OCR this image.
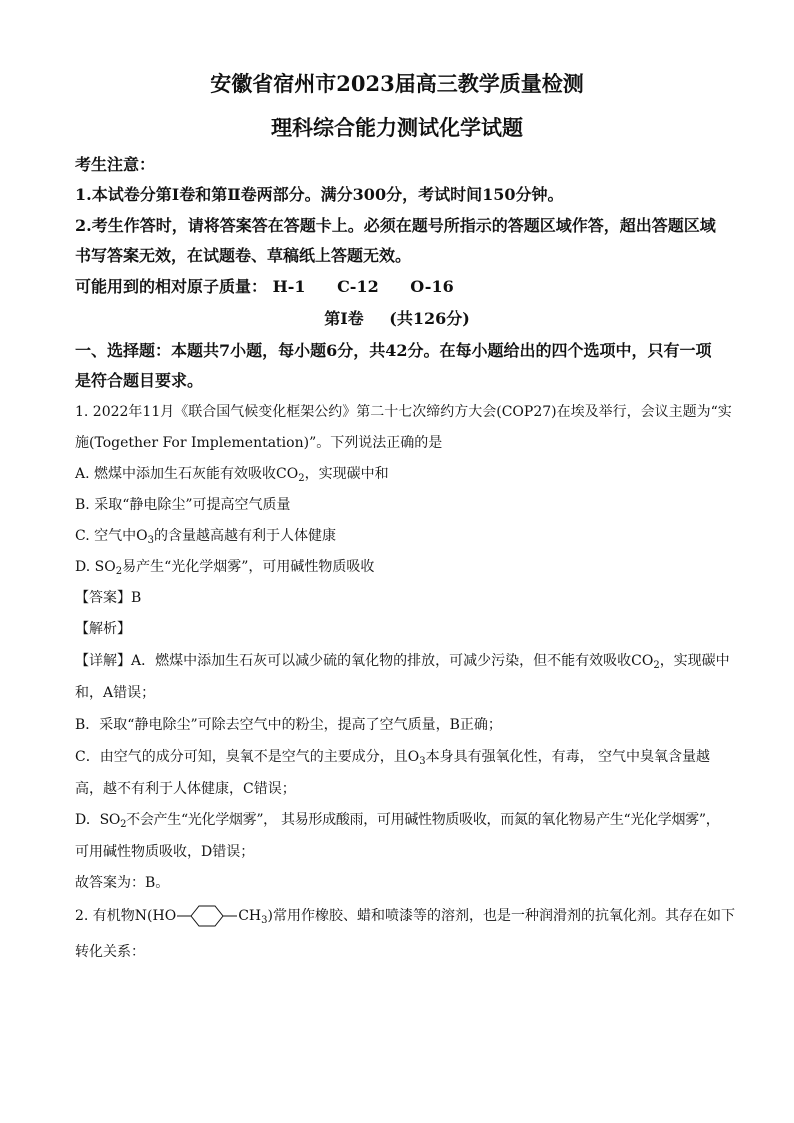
安徽省宿州市2023届高三教学质量检测
理科综合能力测试化学试题
考生注意：
1.本试卷分第Ⅰ卷和第Ⅱ卷两部分。满分300分，考试时间150分钟。
2.考生作答时，请将答案答在答题卡上。必须在题号所指示的答题区域作答，超出答题区域
书写答案无效，在试题卷、草稿纸上答题无效。
可能用到的相对原子质量： H-1 C-12 O-16
第Ⅰ卷 (共126分)
一、选择题：本题共7小题，每小题6分，共42分。在每小题给出的四个选项中，只有一项
是符合题目要求。
1. 2022年11月《联合国气候变化框架公约》第二十七次缔约方大会(COP27)在埃及举行，会议主题为“实
施(Together For Implementation)”。下列说法正确的是
A. 燃煤中添加生石灰能有效吸收$CO_2$，实现碳中和
B. 采取“静电除尘”可提高空气质量
C. 空气中$O_3$的含量越高越有利于人体健康
D. $SO_2$易产生“光化学烟雾”，可用碱性物质吸收
【答案】B
【解析】
【详解】A．燃煤中添加生石灰可以减少硫的氧化物的排放，可减少污染，但不能有效吸收$CO_2$，实现碳中
和，A错误；
B．采取“静电除尘”可除去空气中的粉尘，提高了空气质量，B正确；
C．由空气的成分可知，臭氧不是空气的主要成分，且$O_3$本身具有强氧化性，有毒， 空气中臭氧含量越
高，越不有利于人体健康，C错误；
D．$SO_2$不会产生“光化学烟雾”， 其易形成酸雨，可用碱性物质吸收，而氮的氧化物易产生“光化学烟雾”，
可用碱性物质吸收，D错误；
故答案为：B。
2. 有机物N(HO	$CH_3$)常用作橡胶、蜡和喷漆等的溶剂，也是一种润滑剂的抗氧化剂。其存在如下
转化关系：
